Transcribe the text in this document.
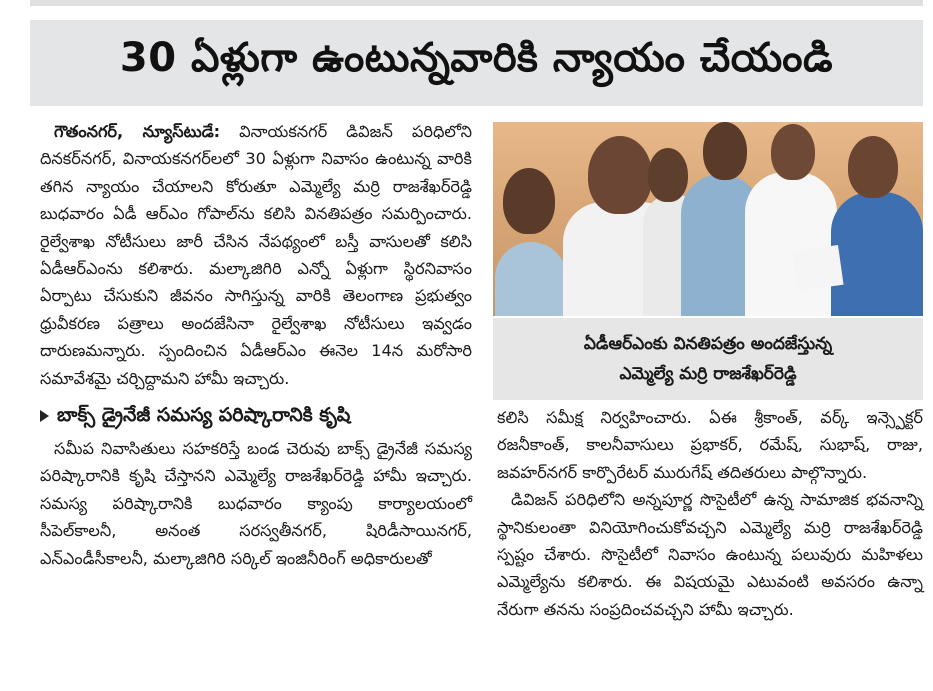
30 ఏళ్లుగా ఉంటున్నవారికి న్యాయం చేయండి

గౌతంనగర్, న్యూస్‌టుడే: వినాయకనగర్ డివిజన్ పరిధిలోని దినకర్‌నగర్, వినాయకనగర్‌లలో 30 ఏళ్లుగా నివాసం ఉంటున్న వారికి తగిన న్యాయం చేయాలని కోరుతూ ఎమ్మెల్యే మర్రి రాజశేఖర్‌రెడ్డి బుధవారం ఏడీ ఆర్ఎం గోపాల్‌ను కలిసి వినతిపత్రం సమర్పించారు. రైల్వేశాఖ నోటీసులు జారీ చేసిన నేపథ్యంలో బస్తీ వాసులతో కలిసి ఏడీఆర్ఎంను కలిశారు. మల్కాజిగిరి ఎన్నో ఏళ్లుగా స్థిరనివాసం ఏర్పాటు చేసుకుని జీవనం సాగిస్తున్న వారికి తెలంగాణ ప్రభుత్వం ధ్రువీకరణ పత్రాలు అందజేసినా రైల్వేశాఖ నోటీసులు ఇవ్వడం దారుణమన్నారు. స్పందించిన ఏడీఆర్ఎం ఈనెల 14న మరోసారి సమావేశమై చర్చిద్దామని హామీ ఇచ్చారు.

బాక్స్ డ్రైనేజీ సమస్య పరిష్కారానికి కృషి

సమీప నివాసితులు సహకరిస్తే బండ చెరువు బాక్స్ డ్రైనేజీ సమస్య పరిష్కారానికి కృషి చేస్తానని ఎమ్మెల్యే రాజశేఖర్‌రెడ్డి హామీ ఇచ్చారు. సమస్య పరిష్కారానికి బుధవారం క్యాంపు కార్యాలయంలో సీపెల్‌కాలనీ, అనంత సరస్వతీనగర్, షిరిడీసాయినగర్, ఎన్ఎండీసీకాలనీ, మల్కాజిగిరి సర్కిల్ ఇంజినీరింగ్ అధికారులతో

ఏడీఆర్ఎంకు వినతిపత్రం అందజేస్తున్న
ఎమ్మెల్యే మర్రి రాజశేఖర్‌రెడ్డి

కలిసి సమీక్ష నిర్వహించారు. ఏఈ శ్రీకాంత్, వర్క్ ఇన్స్పెక్టర్ రజనీకాంత్, కాలనీవాసులు ప్రభాకర్, రమేష్, సుభాష్, రాజు, జవహర్‌నగర్ కార్పొరేటర్ మురుగేష్ తదితరులు పాల్గొన్నారు.

డివిజన్ పరిధిలోని అన్నపూర్ణ సొసైటీలో ఉన్న సామాజిక భవనాన్ని స్థానికులంతా వినియోగించుకోవచ్చని ఎమ్మెల్యే మర్రి రాజశేఖర్‌రెడ్డి స్పష్టం చేశారు. సొసైటీలో నివాసం ఉంటున్న పలువురు మహిళలు ఎమ్మెల్యేను కలిశారు. ఈ విషయమై ఎటువంటి అవసరం ఉన్నా నేరుగా తనను సంప్రదించవచ్చని హామీ ఇచ్చారు.
